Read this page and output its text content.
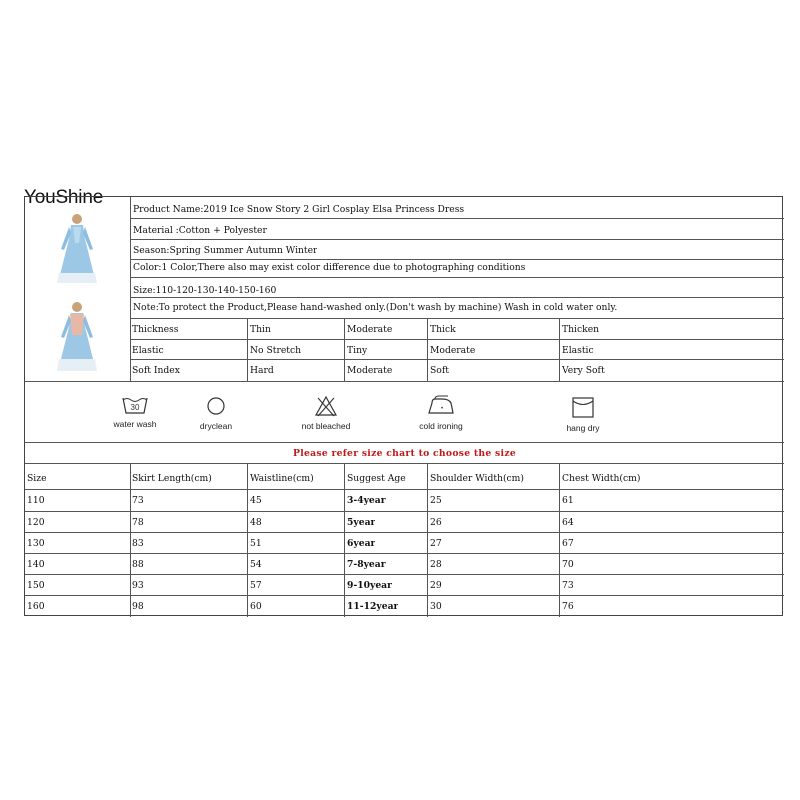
YouShine
Product Name:2019 Ice Snow Story 2 Girl Cosplay Elsa Princess Dress
Material :Cotton + Polyester
Season:Spring Summer Autumn Winter
Color:1 Color,There also may exist color difference due to photographing conditions
Size:110-120-130-140-150-160
Note:To protect the Product,Please hand-washed only.(Don't wash by machine) Wash in cold water only.
Thickness	Thin	Moderate	Thick	Thicken
Elastic	No Stretch	Tiny	Moderate	Elastic
Soft Index	Hard	Moderate	Soft	Very Soft
30
water wash	dryclean	not bleached
•
cold ironing	hang dry
Please refer size chart to choose the size
Size	Skirt Length(cm)	Waistline(cm)	Suggest Age	Shoulder Width(cm)	Chest Width(cm)
110	73	45	3-4year	25	61
120	78	48	5year	26	64
130	83	51	6year	27	67
140	88	54	7-8year	28	70
150	93	57	9-10year	29	73
160	98	60	11-12year	30	76
